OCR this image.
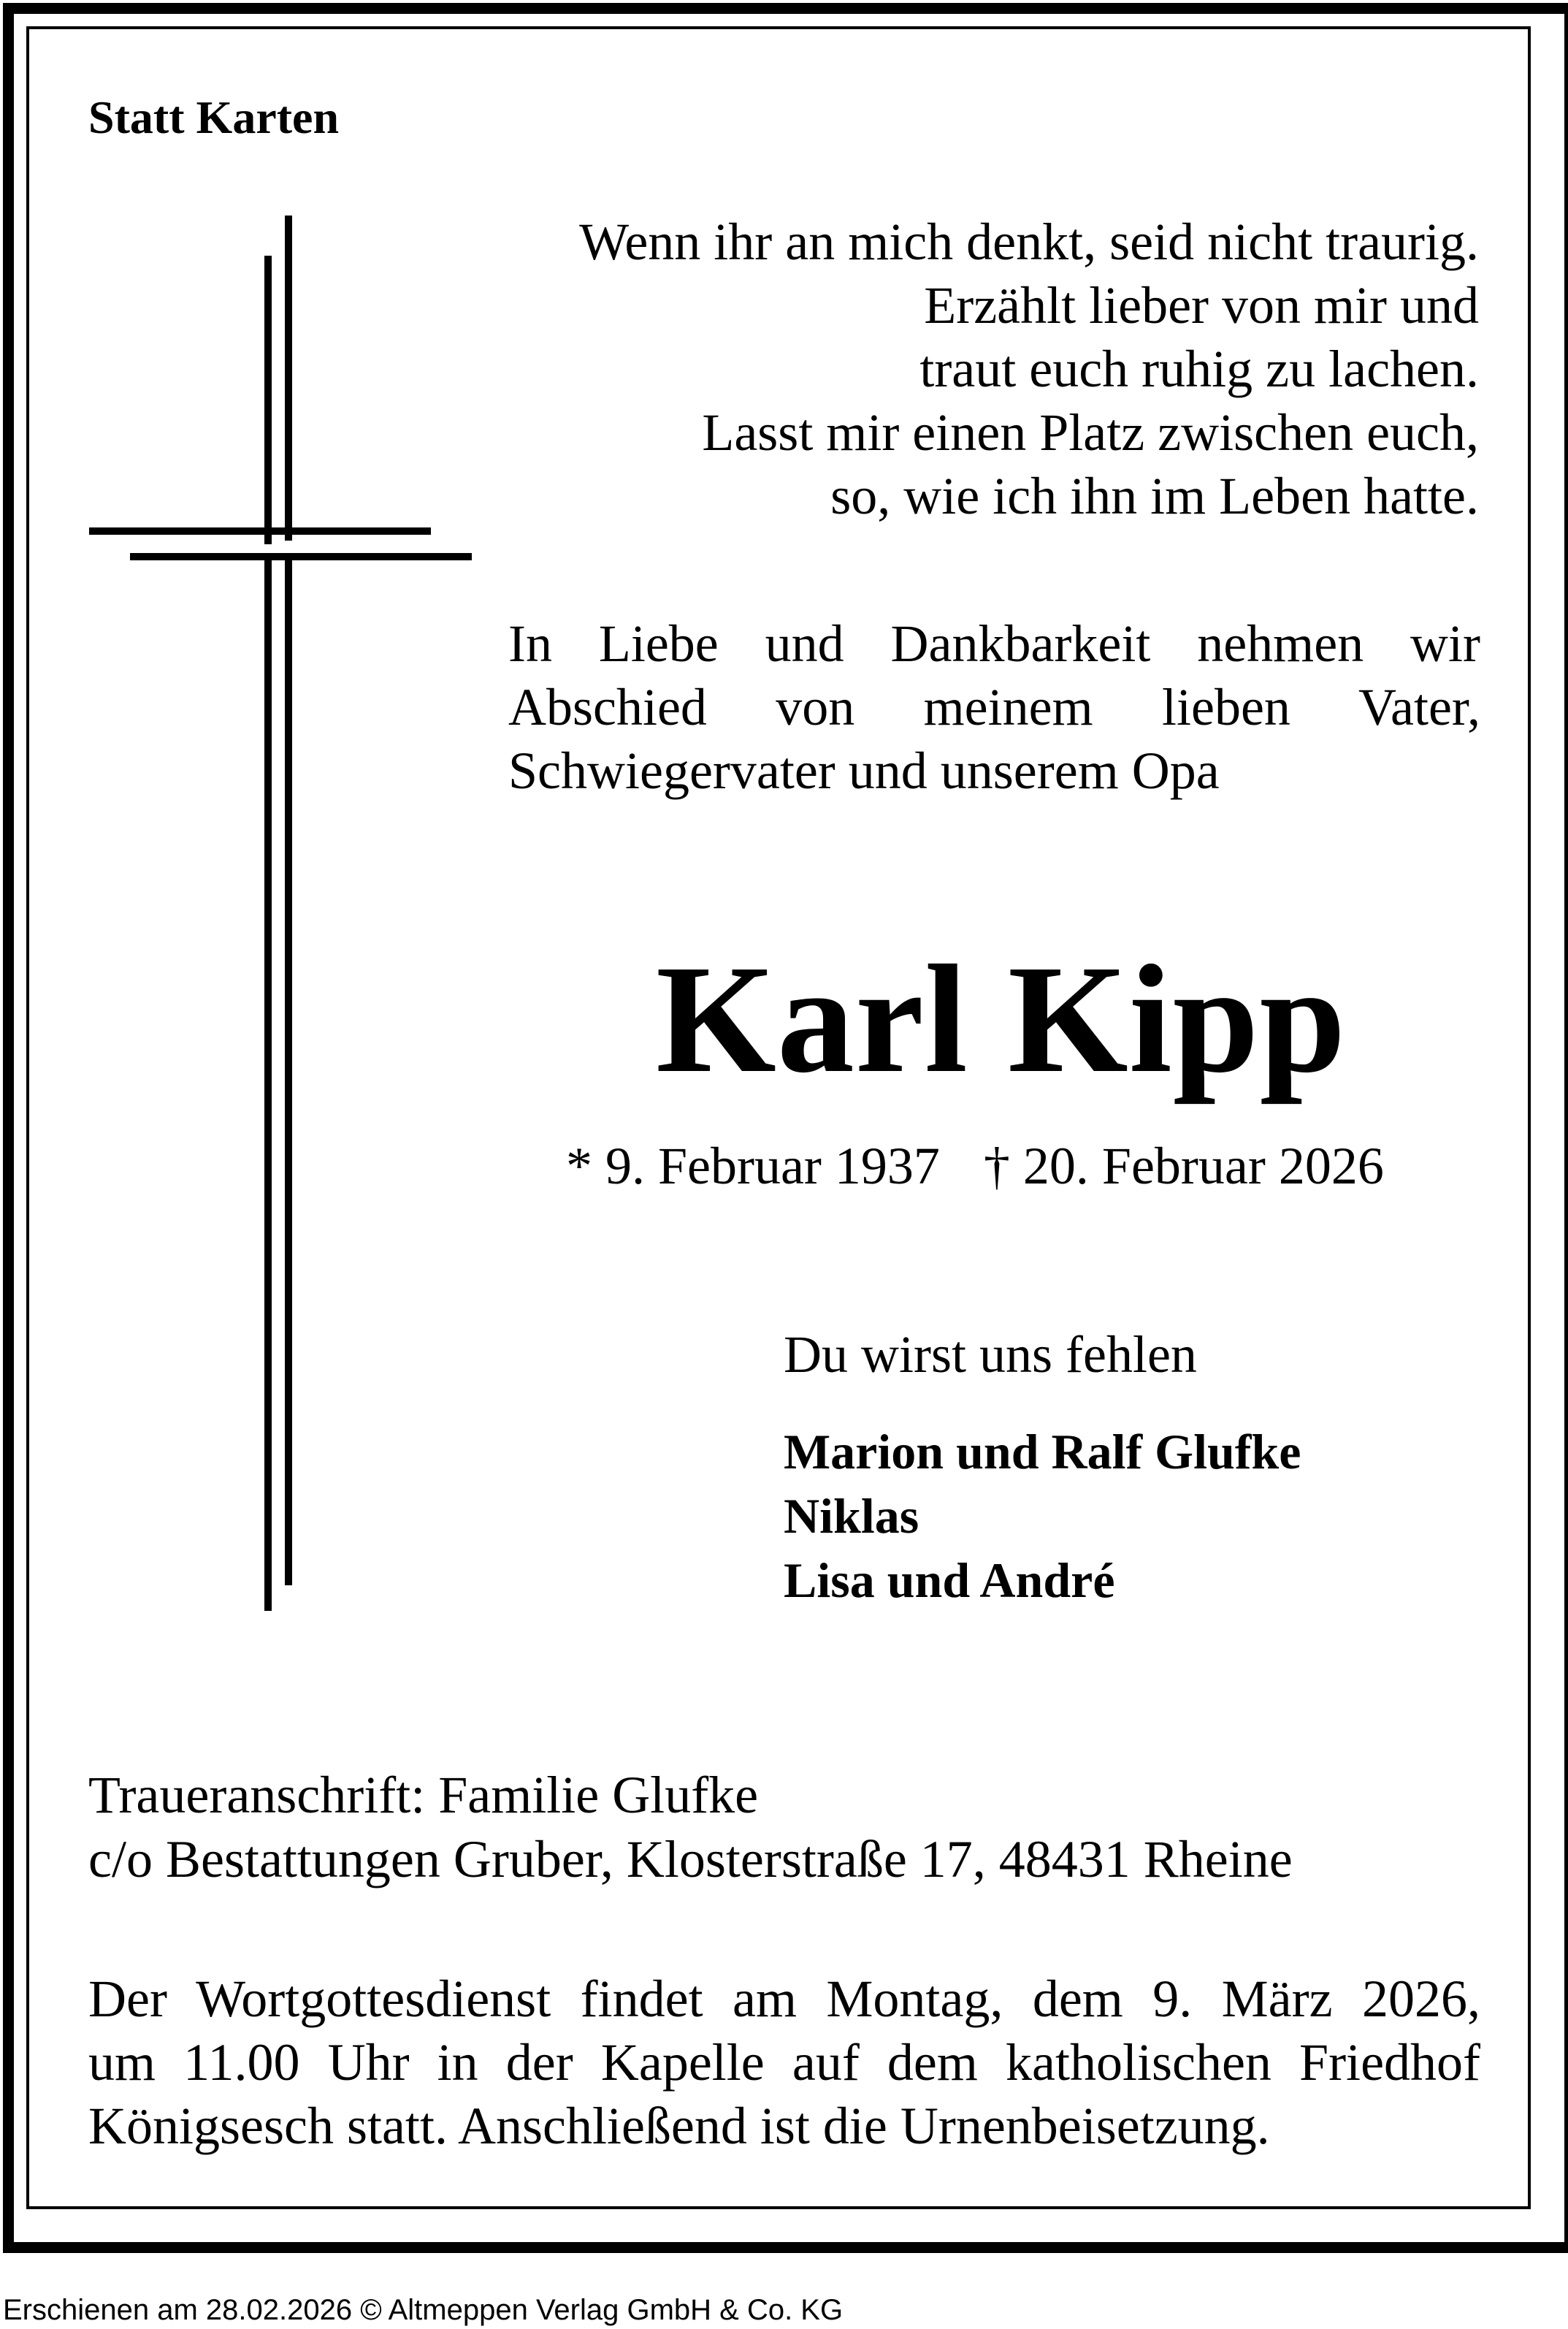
Statt Karten
Wenn ihr an mich denkt, seid nicht traurig.
Erzählt lieber von mir und
traut euch ruhig zu lachen.
Lasst mir einen Platz zwischen euch,
so, wie ich ihn im Leben hatte.
In Liebe und Dankbarkeit nehmen wir
Abschied von meinem lieben Vater,
Schwiegervater und unserem Opa
Karl Kipp
* 9. Februar 1937 † 20. Februar 2026
Du wirst uns fehlen
Marion und Ralf Glufke
Niklas
Lisa und André
Traueranschrift: Familie Glufke
c/o Bestattungen Gruber, Klosterstraße 17, 48431 Rheine
Der Wortgottesdienst findet am Montag, dem 9. März 2026,
um 11.00 Uhr in der Kapelle auf dem katholischen Friedhof
Königsesch statt. Anschließend ist die Urnenbeisetzung.
Erschienen am 28.02.2026 © Altmeppen Verlag GmbH & Co. KG
